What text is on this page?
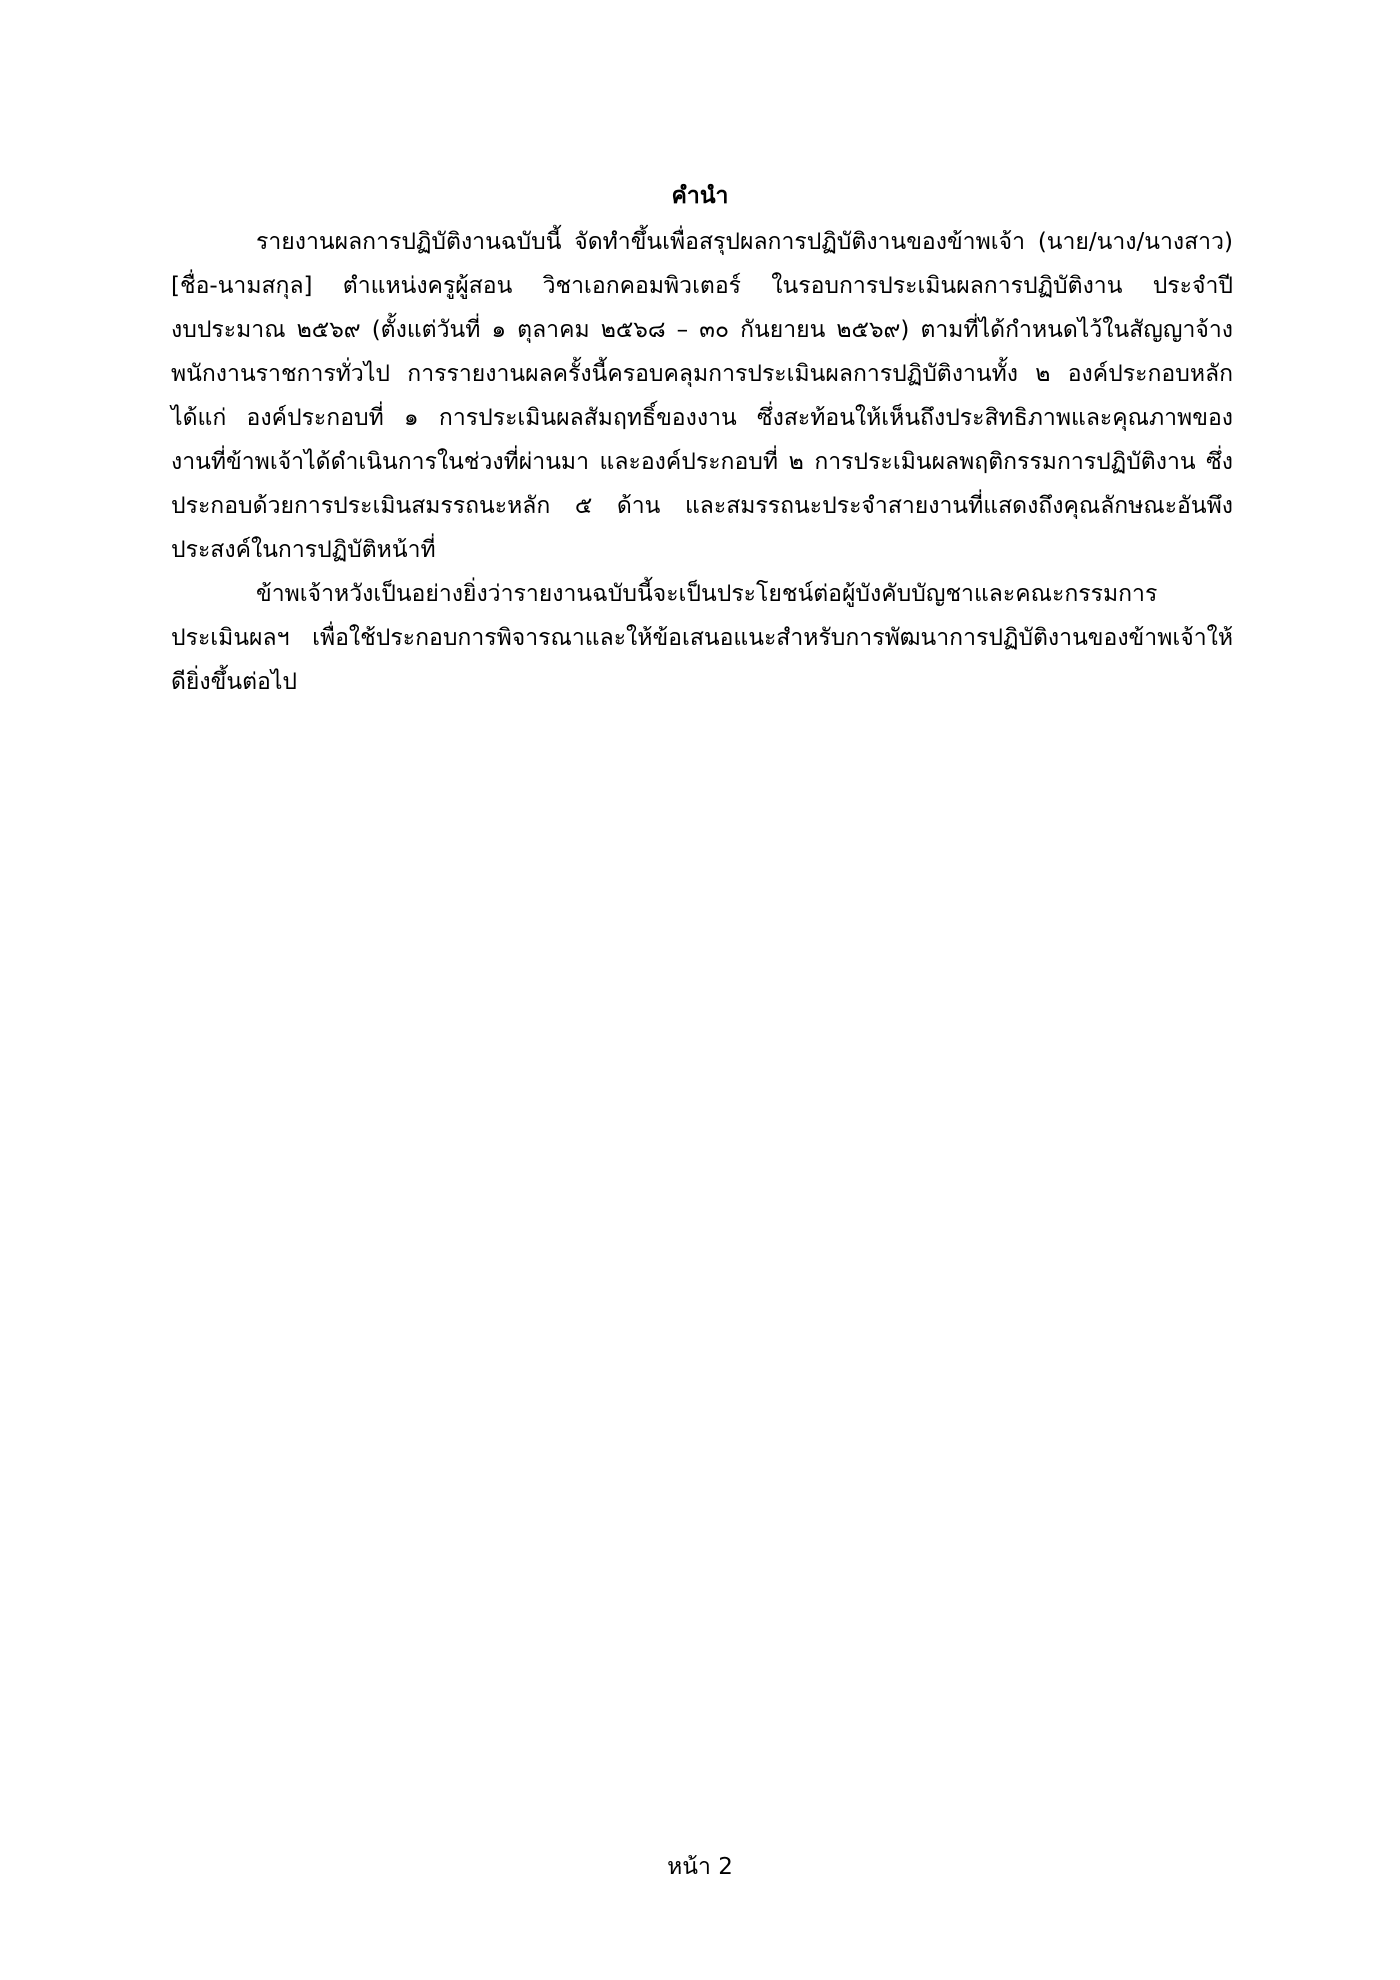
คำนำ
รายงานผลการปฏิบัติงานฉบับนี้ จัดทำขึ้นเพื่อสรุปผลการปฏิบัติงานของข้าพเจ้า (นาย/นาง/นางสาว)
[ชื่อ-นามสกุล] ตำแหน่งครูผู้สอน วิชาเอกคอมพิวเตอร์ ในรอบการประเมินผลการปฏิบัติงาน ประจำปี
งบประมาณ ๒๕๖๙ (ตั้งแต่วันที่ ๑ ตุลาคม ๒๕๖๘ – ๓๐ กันยายน ๒๕๖๙) ตามที่ได้กำหนดไว้ในสัญญาจ้าง
พนักงานราชการทั่วไป การรายงานผลครั้งนี้ครอบคลุมการประเมินผลการปฏิบัติงานทั้ง ๒ องค์ประกอบหลัก
ได้แก่ องค์ประกอบที่ ๑ การประเมินผลสัมฤทธิ์ของงาน ซึ่งสะท้อนให้เห็นถึงประสิทธิภาพและคุณภาพของ
งานที่ข้าพเจ้าได้ดำเนินการในช่วงที่ผ่านมา และองค์ประกอบที่ ๒ การประเมินผลพฤติกรรมการปฏิบัติงาน ซึ่ง
ประกอบด้วยการประเมินสมรรถนะหลัก ๕ ด้าน และสมรรถนะประจำสายงานที่แสดงถึงคุณลักษณะอันพึง
ประสงค์ในการปฏิบัติหน้าที่
ข้าพเจ้าหวังเป็นอย่างยิ่งว่ารายงานฉบับนี้จะเป็นประโยชน์ต่อผู้บังคับบัญชาและคณะกรรมการ
ประเมินผลฯ เพื่อใช้ประกอบการพิจารณาและให้ข้อเสนอแนะสำหรับการพัฒนาการปฏิบัติงานของข้าพเจ้าให้
ดียิ่งขึ้นต่อไป
หน้า 2
